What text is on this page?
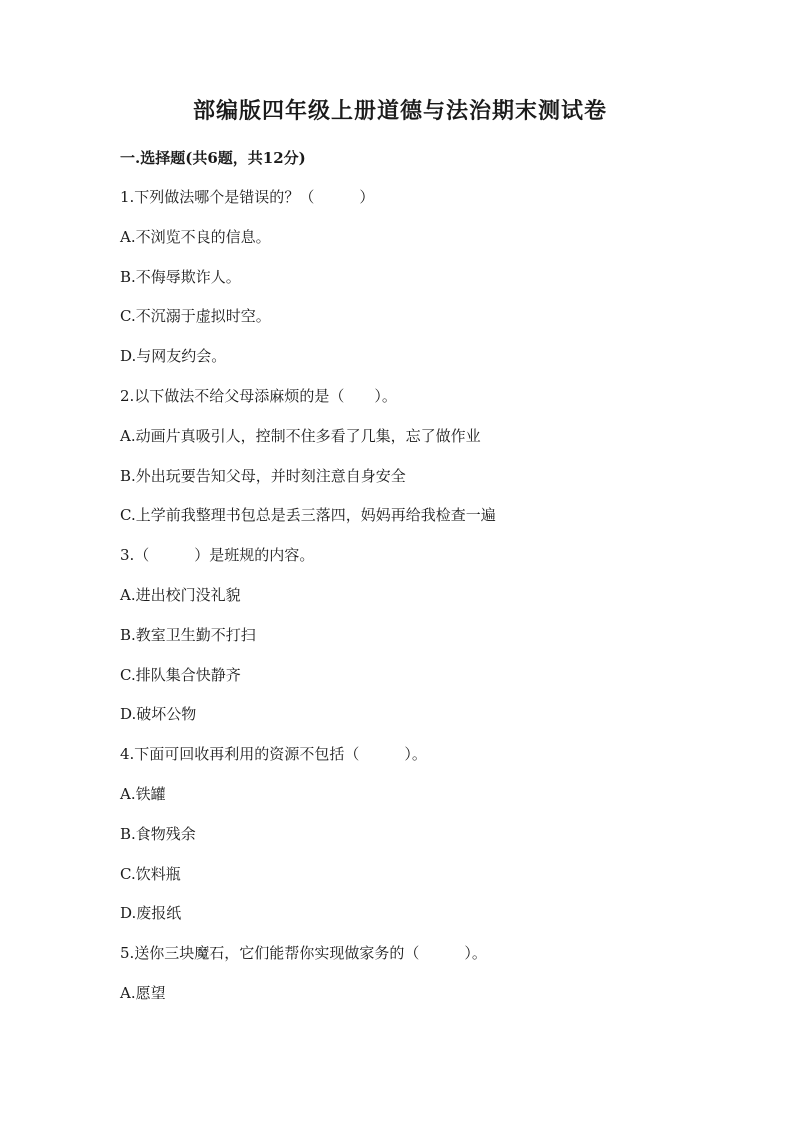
部编版四年级上册道德与法治期末测试卷
一.选择题(共6题，共12分)
1.下列做法哪个是错误的？（　　　）
A.不浏览不良的信息。
B.不侮辱欺诈人。
C.不沉溺于虚拟时空。
D.与网友约会。
2.以下做法不给父母添麻烦的是（　　）。
A.动画片真吸引人，控制不住多看了几集，忘了做作业
B.外出玩要告知父母，并时刻注意自身安全
C.上学前我整理书包总是丢三落四，妈妈再给我检查一遍
3.（　　　）是班规的内容。
A.进出校门没礼貌
B.教室卫生勤不打扫
C.排队集合快静齐
D.破坏公物
4.下面可回收再利用的资源不包括（　　　）。
A.铁罐
B.食物残余
C.饮料瓶
D.废报纸
5.送你三块魔石，它们能帮你实现做家务的（　　　）。
A.愿望
